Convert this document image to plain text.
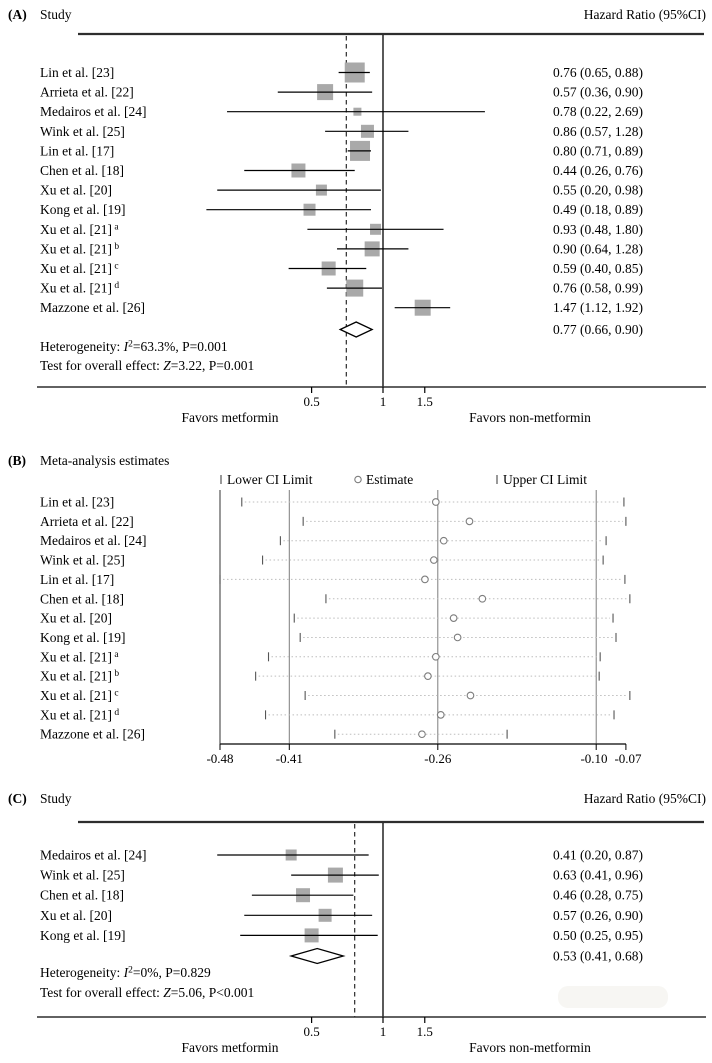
Lin et al. [23]	0.76 (0.65, 0.88)
Arrieta et al. [22]	0.57 (0.36, 0.90)
Medairos et al. [24]	0.78 (0.22, 2.69)
Wink et al. [25]	0.86 (0.57, 1.28)
Lin et al. [17]	0.80 (0.71, 0.89)
Chen et al. [18]	0.44 (0.26, 0.76)
Xu et al. [20]	0.55 (0.20, 0.98)
Kong et al. [19]	0.49 (0.18, 0.89)
Xu et al. [21] $^a$	0.93 (0.48, 1.80)
Xu et al. [21] $^b$	0.90 (0.64, 1.28)
Xu et al. [21] $^c$	0.59 (0.40, 0.85)
Xu et al. [21] $^d$	0.76 (0.58, 0.99)
Mazzone et al. [26]	1.47 (1.12, 1.92)
0.77 (0.66, 0.90)
Heterogeneity: $I^2=63.3\%$, P=0.001
Test for overall effect: Z=3.22, P=0.001
0.5	1 1.5
Favors metformin	Favors non-metformin
Lower CI Limit	Estimate	Upper CI Limit
Lin et al. [23]
Arrieta et al. [22]
Medairos et al. [24]
Wink et al. [25]
Lin et al. [17]
Chen et al. [18]
Xu et al. [20]
Kong et al. [19]
Xu et al. [21] $^a$
Xu et al. [21] $^b$
Xu et al. [21] $^c$
Xu et al. [21] $^d$
Mazzone et al. [26]
-0.48	-0.41	-0.26	-0.10 -0.07
Medairos et al. [24]	0.41 (0.20, 0.87)
Wink et al. [25]	0.63 (0.41, 0.96)
Chen et al. [18]	0.46 (0.28, 0.75)
Xu et al. [20]	0.57 (0.26, 0.90)
Kong et al. [19]	0.50 (0.25, 0.95)
0.53 (0.41, 0.68)
Heterogeneity: $I^2=0\%$, P=0.829
Test for overall effect: Z=5.06, P<0.001
0.5	1 1.5
Favors metformin	Favors non-metformin
(A) Study	Hazard Ratio (95%CI)
(B) Meta-analysis estimates
(C) Study	Hazard Ratio (95%CI)
